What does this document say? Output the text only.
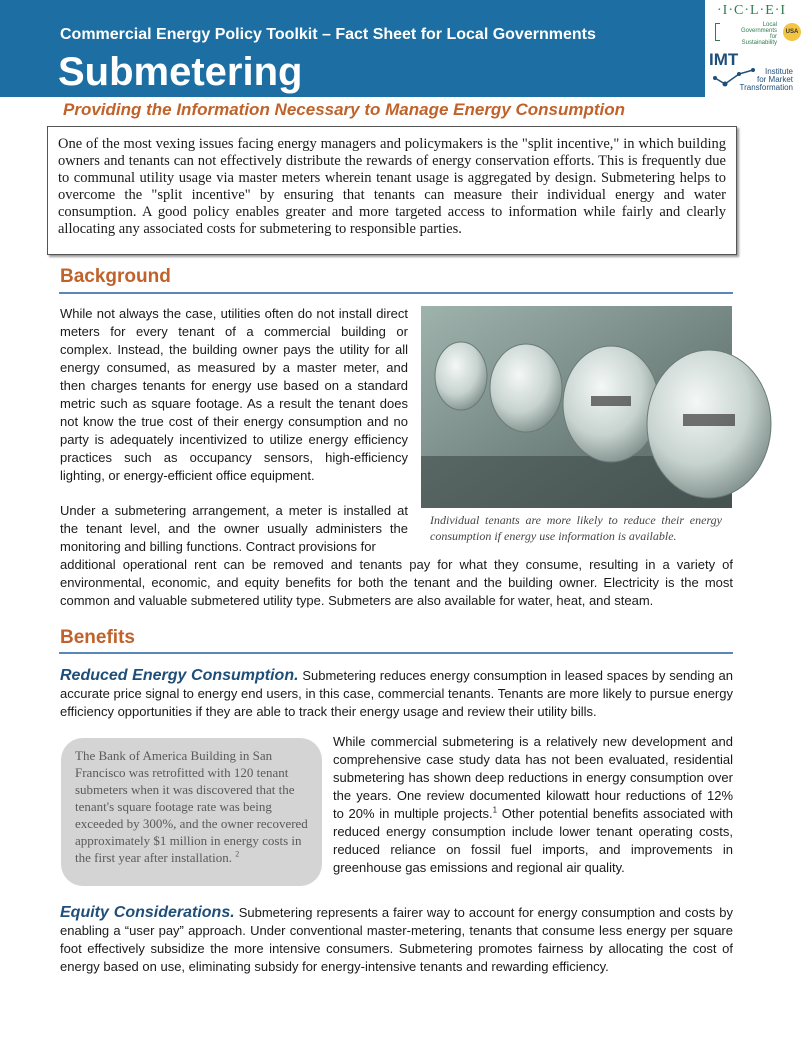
Commercial Energy Policy Toolkit – Fact Sheet for Local Governments
Submetering
·I·C·L·E·I
Local
Governments
for Sustainability
USA
IMT
Institute
for Market
Transformation
Providing the Information Necessary to Manage Energy Consumption
One of the most vexing issues facing energy managers and policymakers is the "split incentive," in which building owners and tenants can not effectively distribute the rewards of energy conservation efforts. This is frequently due to communal utility usage via master meters wherein tenant usage is aggregated by design. Submetering helps to overcome the "split incentive" by ensuring that tenants can measure their individual energy and water consumption. A good policy enables greater and more targeted access to information while fairly and clearly allocating any associated costs for submetering to responsible parties.
Background
While not always the case, utilities often do not install direct meters for every tenant of a commercial building or complex. Instead, the building owner pays the utility for all energy consumed, as measured by a master meter, and then charges tenants for energy use based on a standard metric such as square footage. As a result the tenant does not know the true cost of their energy consumption and no party is adequately incentivized to utilize energy efficiency practices such as occupancy sensors, high-efficiency lighting, or energy-efficient office equipment.
Individual tenants are more likely to reduce their energy consumption if energy use information is available.
Under a submetering arrangement, a meter is installed at the tenant level, and the owner usually administers the monitoring and billing functions. Contract provisions for
additional operational rent can be removed and tenants pay for what they consume, resulting in a variety of environmental, economic, and equity benefits for both the tenant and the building owner. Electricity is the most common and valuable submetered utility type. Submeters are also available for water, heat, and steam.
Benefits
Reduced Energy Consumption. Submetering reduces energy consumption in leased spaces by sending an accurate price signal to energy end users, in this case, commercial tenants. Tenants are more likely to pursue energy efficiency opportunities if they are able to track their energy usage and review their utility bills.
The Bank of America Building in San Francisco was retrofitted with 120 tenant submeters when it was discovered that the tenant's square footage rate was being exceeded by 300%, and the owner recovered approximately $1 million in energy costs in the first year after installation. $^2$
While commercial submetering is a relatively new development and comprehensive case study data has not been evaluated, residential submetering has shown deep reductions in energy consumption over the years. One review documented kilowatt hour reductions of 12% to 20% in multiple projects.$^1$ Other potential benefits associated with reduced energy consumption include lower tenant operating costs, reduced reliance on fossil fuel imports, and improvements in greenhouse gas emissions and regional air quality.
Equity Considerations. Submetering represents a fairer way to account for energy consumption and costs by enabling a “user pay” approach. Under conventional master-metering, tenants that consume less energy per square foot effectively subsidize the more intensive consumers. Submetering promotes fairness by allocating the cost of energy based on use, eliminating subsidy for energy-intensive tenants and rewarding efficiency.
